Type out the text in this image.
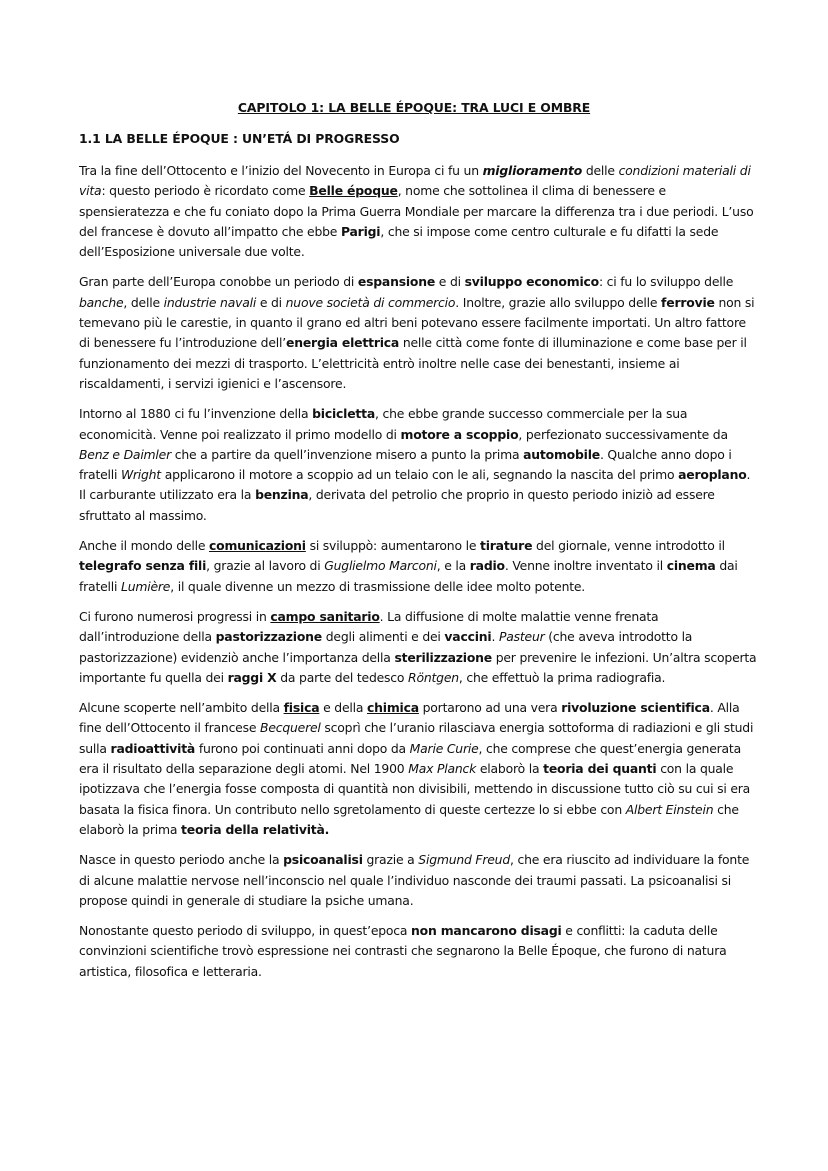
CAPITOLO 1: LA BELLE ÉPOQUE: TRA LUCI E OMBRE
1.1 LA BELLE ÉPOQUE : UN’ETÁ DI PROGRESSO

Tra la fine dell’Ottocento e l’inizio del Novecento in Europa ci fu un miglioramento delle condizioni materiali di vita: questo periodo è ricordato come Belle époque, nome che sottolinea il clima di benessere e spensieratezza e che fu coniato dopo la Prima Guerra Mondiale per marcare la differenza tra i due periodi. L’uso del francese è dovuto all’impatto che ebbe Parigi, che si impose come centro culturale e fu difatti la sede dell’Esposizione universale due volte.

Gran parte dell’Europa conobbe un periodo di espansione e di sviluppo economico: ci fu lo sviluppo delle banche, delle industrie navali e di nuove società di commercio. Inoltre, grazie allo sviluppo delle ferrovie non si temevano più le carestie, in quanto il grano ed altri beni potevano essere facilmente importati. Un altro fattore di benessere fu l’introduzione dell’energia elettrica nelle città come fonte di illuminazione e come base per il funzionamento dei mezzi di trasporto. L’elettricità entrò inoltre nelle case dei benestanti, insieme ai riscaldamenti, i servizi igienici e l’ascensore.

Intorno al 1880 ci fu l’invenzione della bicicletta, che ebbe grande successo commerciale per la sua economicità. Venne poi realizzato il primo modello di motore a scoppio, perfezionato successivamente da Benz e Daimler che a partire da quell’invenzione misero a punto la prima automobile. Qualche anno dopo i fratelli Wright applicarono il motore a scoppio ad un telaio con le ali, segnando la nascita del primo aeroplano. Il carburante utilizzato era la benzina, derivata del petrolio che proprio in questo periodo iniziò ad essere sfruttato al massimo.

Anche il mondo delle comunicazioni si sviluppò: aumentarono le tirature del giornale, venne introdotto il telegrafo senza fili, grazie al lavoro di Guglielmo Marconi, e la radio. Venne inoltre inventato il cinema dai fratelli Lumière, il quale divenne un mezzo di trasmissione delle idee molto potente.

Ci furono numerosi progressi in campo sanitario. La diffusione di molte malattie venne frenata dall’introduzione della pastorizzazione degli alimenti e dei vaccini. Pasteur (che aveva introdotto la pastorizzazione) evidenziò anche l’importanza della sterilizzazione per prevenire le infezioni. Un’altra scoperta importante fu quella dei raggi X da parte del tedesco Röntgen, che effettuò la prima radiografia.

Alcune scoperte nell’ambito della fisica e della chimica portarono ad una vera rivoluzione scientifica. Alla fine dell’Ottocento il francese Becquerel scoprì che l’uranio rilasciava energia sottoforma di radiazioni e gli studi sulla radioattività furono poi continuati anni dopo da Marie Curie, che comprese che quest’energia generata era il risultato della separazione degli atomi. Nel 1900 Max Planck elaborò la teoria dei quanti con la quale ipotizzava che l’energia fosse composta di quantità non divisibili, mettendo in discussione tutto ciò su cui si era basata la fisica finora. Un contributo nello sgretolamento di queste certezze lo si ebbe con Albert Einstein che elaborò la prima teoria della relatività.

Nasce in questo periodo anche la psicoanalisi grazie a Sigmund Freud, che era riuscito ad individuare la fonte di alcune malattie nervose nell’inconscio nel quale l’individuo nasconde dei traumi passati. La psicoanalisi si propose quindi in generale di studiare la psiche umana.

Nonostante questo periodo di sviluppo, in quest’epoca non mancarono disagi e conflitti: la caduta delle convinzioni scientifiche trovò espressione nei contrasti che segnarono la Belle Époque, che furono di natura artistica, filosofica e letteraria.
